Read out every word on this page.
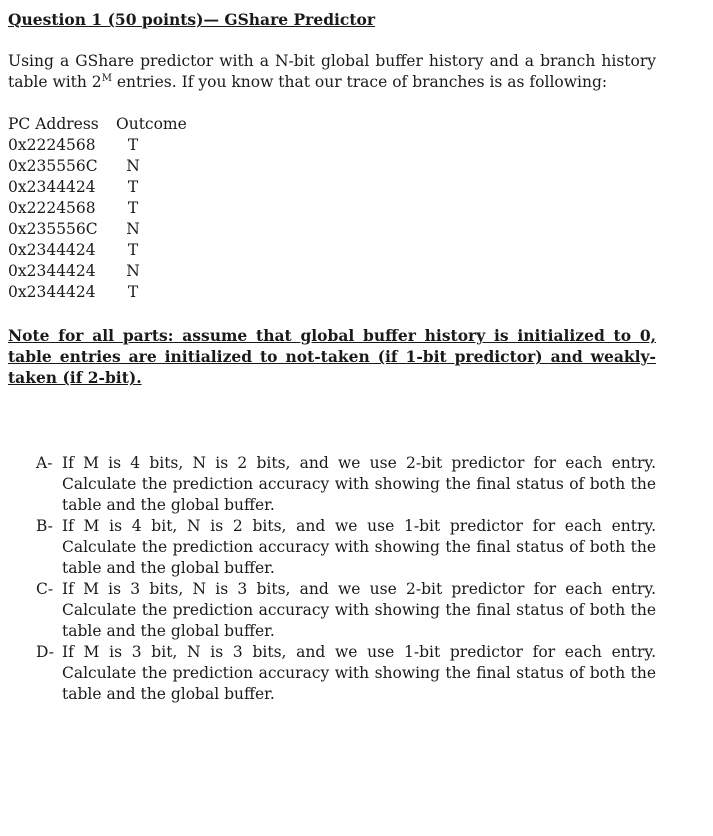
Question 1 (50 points)— GShare Predictor

Using a GShare predictor with a N-bit global buffer history and a branch history table with $2^M$ entries. If you know that our trace of branches is as following:
PC Address	Outcome
0x2224568	T
0x235556C	N
0x2344424	T
0x2224568	T
0x235556C	N
0x2344424	T
0x2344424	N
0x2344424	T
Note for all parts: assume that global buffer history is initialized to 0, table entries are initialized to not-taken (if 1-bit predictor) and weakly-taken (if 2-bit).
A- If M is 4 bits, N is 2 bits, and we use 2-bit predictor for each entry. Calculate the prediction accuracy with showing the final status of both the table and the global buffer.
B- If M is 4 bit, N is 2 bits, and we use 1-bit predictor for each entry. Calculate the prediction accuracy with showing the final status of both the table and the global buffer.
C- If M is 3 bits, N is 3 bits, and we use 2-bit predictor for each entry. Calculate the prediction accuracy with showing the final status of both the table and the global buffer.
D- If M is 3 bit, N is 3 bits, and we use 1-bit predictor for each entry. Calculate the prediction accuracy with showing the final status of both the table and the global buffer.
